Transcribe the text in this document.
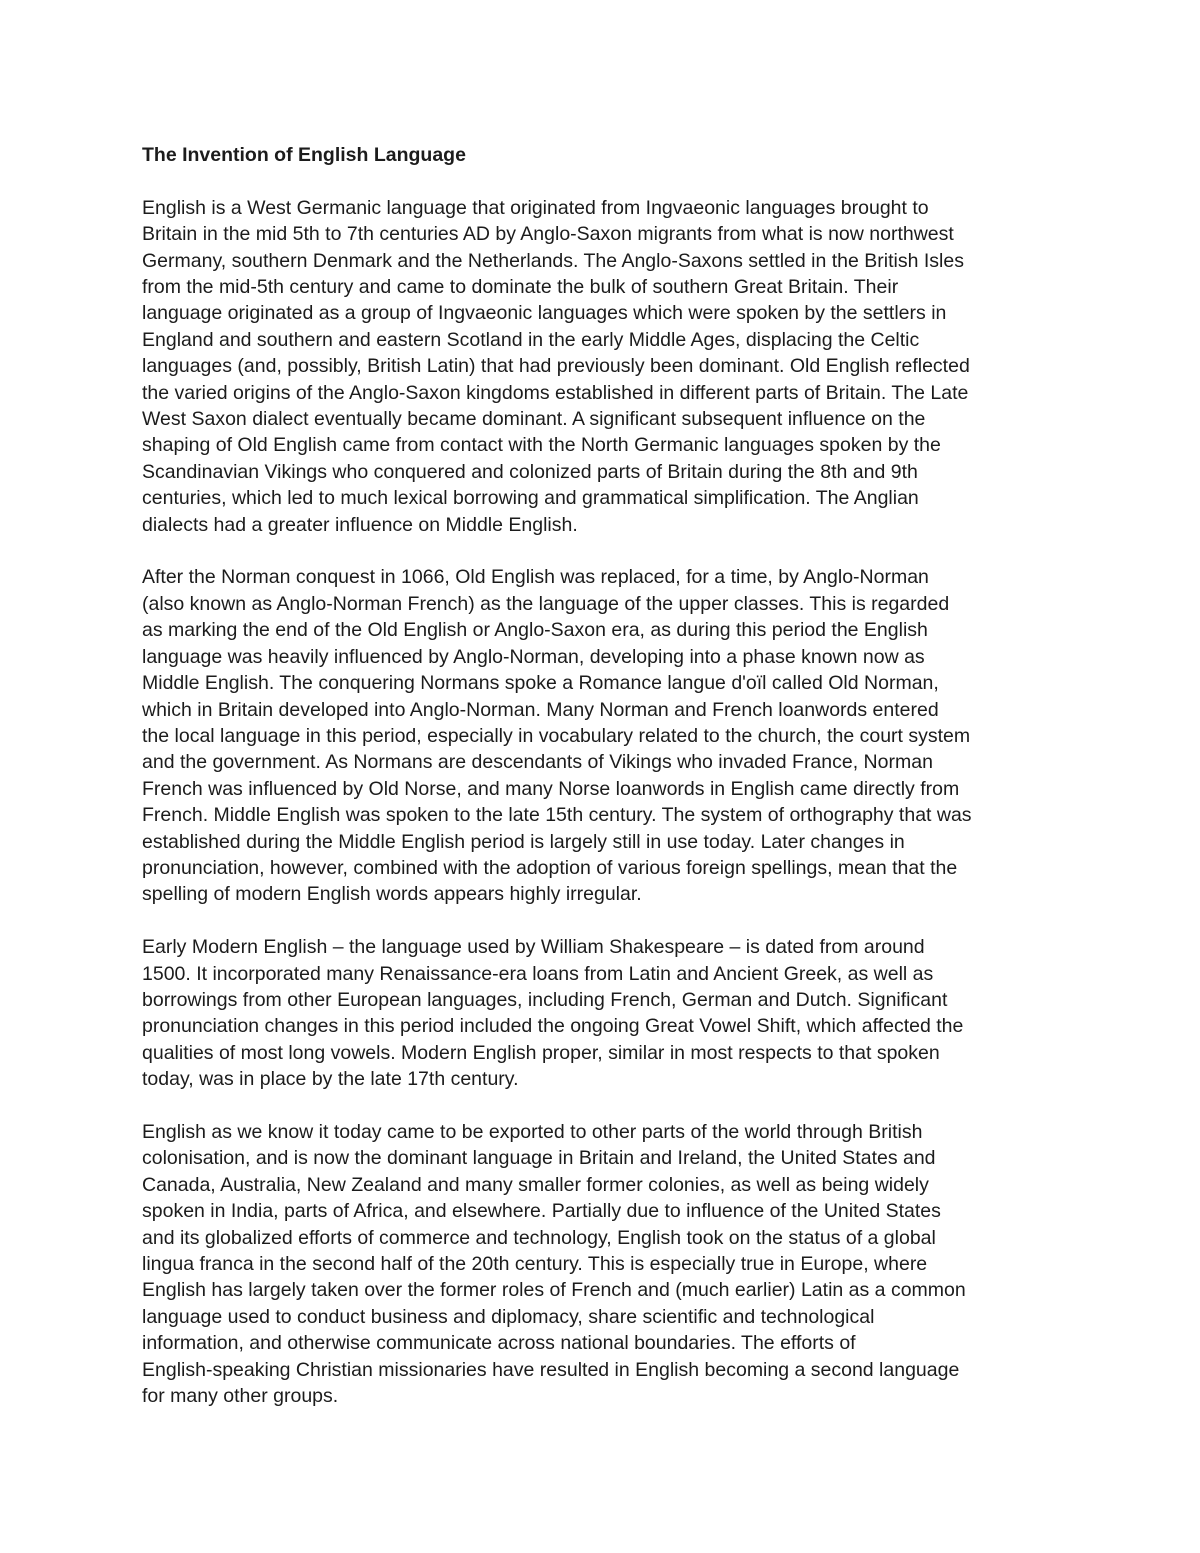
The Invention of English Language
English is a West Germanic language that originated from Ingvaeonic languages brought to
Britain in the mid 5th to 7th centuries AD by Anglo-Saxon migrants from what is now northwest
Germany, southern Denmark and the Netherlands. The Anglo-Saxons settled in the British Isles
from the mid-5th century and came to dominate the bulk of southern Great Britain. Their
language originated as a group of Ingvaeonic languages which were spoken by the settlers in
England and southern and eastern Scotland in the early Middle Ages, displacing the Celtic
languages (and, possibly, British Latin) that had previously been dominant. Old English reflected
the varied origins of the Anglo-Saxon kingdoms established in different parts of Britain. The Late
West Saxon dialect eventually became dominant. A significant subsequent influence on the
shaping of Old English came from contact with the North Germanic languages spoken by the
Scandinavian Vikings who conquered and colonized parts of Britain during the 8th and 9th
centuries, which led to much lexical borrowing and grammatical simplification. The Anglian
dialects had a greater influence on Middle English.
After the Norman conquest in 1066, Old English was replaced, for a time, by Anglo-Norman
(also known as Anglo-Norman French) as the language of the upper classes. This is regarded
as marking the end of the Old English or Anglo-Saxon era, as during this period the English
language was heavily influenced by Anglo-Norman, developing into a phase known now as
Middle English. The conquering Normans spoke a Romance langue d'oïl called Old Norman,
which in Britain developed into Anglo-Norman. Many Norman and French loanwords entered
the local language in this period, especially in vocabulary related to the church, the court system
and the government. As Normans are descendants of Vikings who invaded France, Norman
French was influenced by Old Norse, and many Norse loanwords in English came directly from
French. Middle English was spoken to the late 15th century. The system of orthography that was
established during the Middle English period is largely still in use today. Later changes in
pronunciation, however, combined with the adoption of various foreign spellings, mean that the
spelling of modern English words appears highly irregular.
Early Modern English – the language used by William Shakespeare – is dated from around
1500. It incorporated many Renaissance-era loans from Latin and Ancient Greek, as well as
borrowings from other European languages, including French, German and Dutch. Significant
pronunciation changes in this period included the ongoing Great Vowel Shift, which affected the
qualities of most long vowels. Modern English proper, similar in most respects to that spoken
today, was in place by the late 17th century.
English as we know it today came to be exported to other parts of the world through British
colonisation, and is now the dominant language in Britain and Ireland, the United States and
Canada, Australia, New Zealand and many smaller former colonies, as well as being widely
spoken in India, parts of Africa, and elsewhere. Partially due to influence of the United States
and its globalized efforts of commerce and technology, English took on the status of a global
lingua franca in the second half of the 20th century. This is especially true in Europe, where
English has largely taken over the former roles of French and (much earlier) Latin as a common
language used to conduct business and diplomacy, share scientific and technological
information, and otherwise communicate across national boundaries. The efforts of
English-speaking Christian missionaries have resulted in English becoming a second language
for many other groups.
